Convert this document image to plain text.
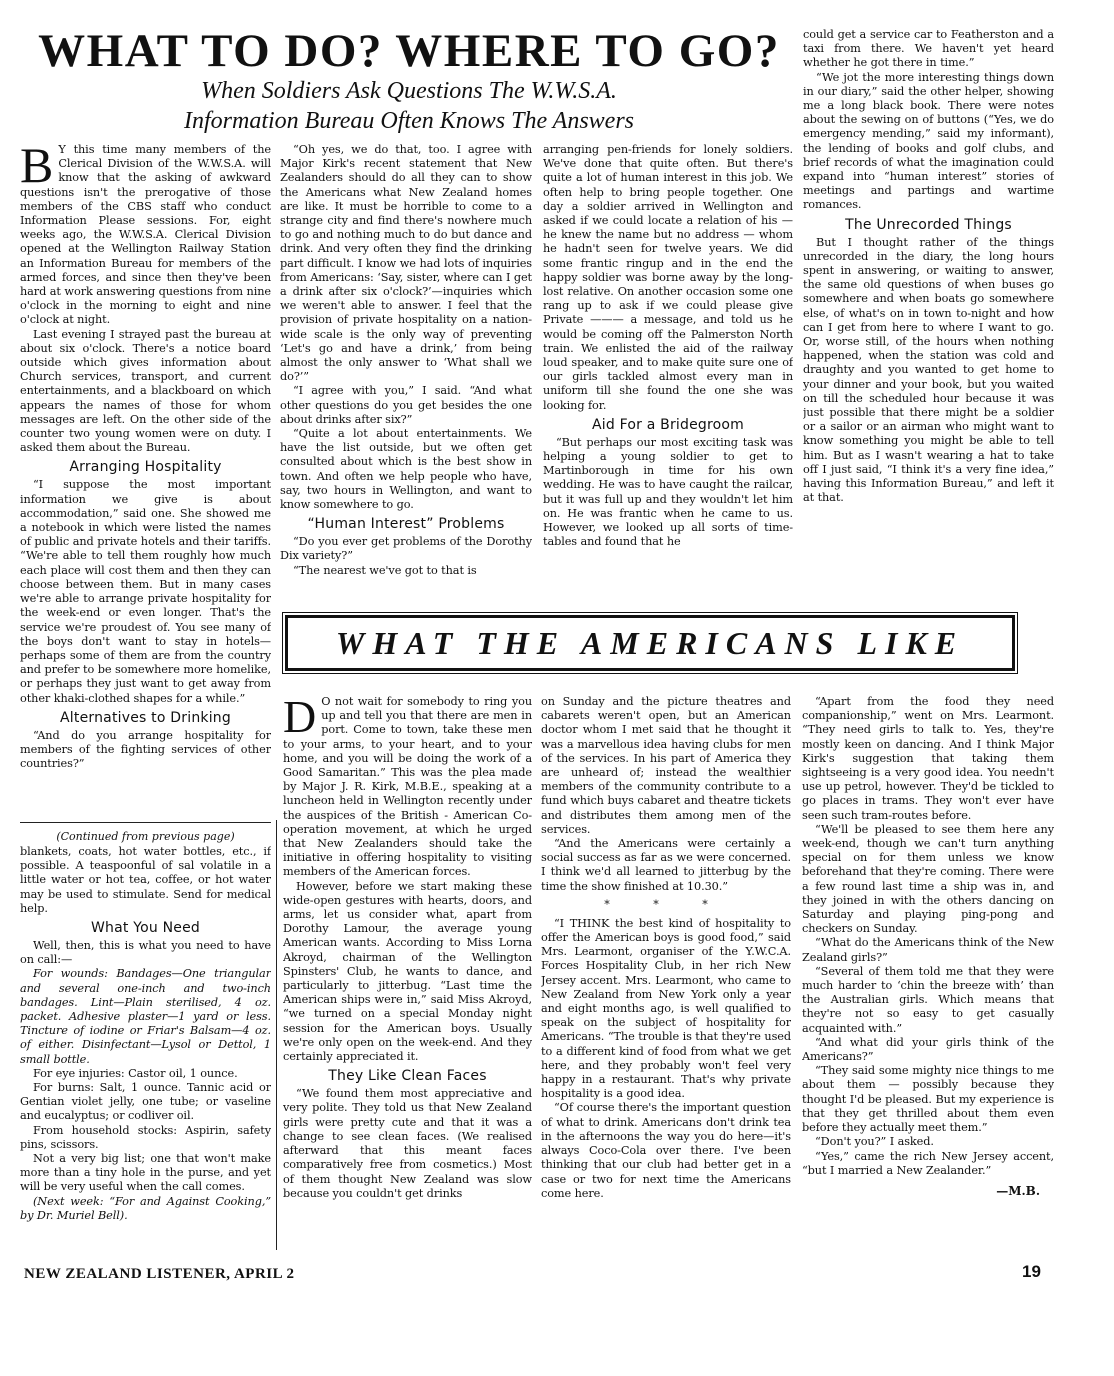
WHAT TO DO? WHERE TO GO?
When Soldiers Ask Questions The W.W.S.A.
Information Bureau Often Knows The Answers
B Y this time many members of the Clerical Division of the W.W.S.A. will know that the asking of awkward questions isn't the prerogative of those members of the CBS staff who conduct Information Please sessions. For, eight weeks ago, the W.W.S.A. Clerical Division opened at the Wellington Railway Station an Information Bureau for members of the armed forces, and since then they've been hard at work answering questions from nine o'clock in the morning to eight and nine o'clock at night.

Last evening I strayed past the bureau at about six o'clock. There's a notice board outside which gives information about Church services, transport, and current entertainments, and a blackboard on which appears the names of those for whom messages are left. On the other side of the counter two young women were on duty. I asked them about the Bureau.

Arranging Hospitality

“I suppose the most important information we give is about accommodation,” said one. She showed me a notebook in which were listed the names of public and private hotels and their tariffs. “We're able to tell them roughly how much each place will cost them and then they can choose between them. But in many cases we're able to arrange private hospitality for the week-end or even longer. That's the service we're proudest of. You see many of the boys don't want to stay in hotels—perhaps some of them are from the country and prefer to be somewhere more homelike, or perhaps they just want to get away from other khaki-clothed shapes for a while.”

Alternatives to Drinking

“And do you arrange hospitality for members of the fighting services of other countries?”

“Oh yes, we do that, too. I agree with Major Kirk's recent statement that New Zealanders should do all they can to show the Americans what New Zealand homes are like. It must be horrible to come to a strange city and find there's nowhere much to go and nothing much to do but dance and drink. And very often they find the drinking part difficult. I know we had lots of inquiries from Americans: ‘Say, sister, where can I get a drink after six o'clock?’—inquiries which we weren't able to answer. I feel that the provision of private hospitality on a nation-wide scale is the only way of preventing ‘Let's go and have a drink,’ from being almost the only answer to ‘What shall we do?’”

“I agree with you,” I said. “And what other questions do you get besides the one about drinks after six?”

“Quite a lot about entertainments. We have the list outside, but we often get consulted about which is the best show in town. And often we help people who have, say, two hours in Wellington, and want to know somewhere to go.

“Human Interest” Problems

“Do you ever get problems of the Dorothy Dix variety?”

“The nearest we've got to that is

arranging pen-friends for lonely soldiers. We've done that quite often. But there's quite a lot of human interest in this job. We often help to bring people together. One day a soldier arrived in Wellington and asked if we could locate a relation of his — he knew the name but no address — whom he hadn't seen for twelve years. We did some frantic ringup and in the end the happy soldier was borne away by the long-lost relative. On another occasion some one rang up to ask if we could please give Private ——— a message, and told us he would be coming off the Palmerston North train. We enlisted the aid of the railway loud speaker, and to make quite sure one of our girls tackled almost every man in uniform till she found the one she was looking for.

Aid For a Bridegroom

“But perhaps our most exciting task was helping a young soldier to get to Martinborough in time for his own wedding. He was to have caught the railcar, but it was full up and they wouldn't let him on. He was frantic when he came to us. However, we looked up all sorts of time-tables and found that he

could get a service car to Featherston and a taxi from there. We haven't yet heard whether he got there in time.”

“We jot the more interesting things down in our diary,” said the other helper, showing me a long black book. There were notes about the sewing on of buttons (“Yes, we do emergency mending,” said my informant), the lending of books and golf clubs, and brief records of what the imagination could expand into “human interest” stories of meetings and partings and wartime romances.

The Unrecorded Things

But I thought rather of the things unrecorded in the diary, the long hours spent in answering, or waiting to answer, the same old questions of when buses go somewhere and when boats go somewhere else, of what's on in town to-night and how can I get from here to where I want to go. Or, worse still, of the hours when nothing happened, when the station was cold and draughty and you wanted to get home to your dinner and your book, but you waited on till the scheduled hour because it was just possible that there might be a soldier or a sailor or an airman who might want to know something you might be able to tell him. But as I wasn't wearing a hat to take off I just said, “I think it's a very fine idea,” having this Information Bureau,” and left it at that.

(Continued from previous page)

blankets, coats, hot water bottles, etc., if possible. A teaspoonful of sal volatile in a little water or hot tea, coffee, or hot water may be used to stimulate. Send for medical help.

What You Need

Well, then, this is what you need to have on call:—

For wounds: Bandages—One triangular and several one-inch and two-inch bandages. Lint—Plain sterilised, 4 oz. packet. Adhesive plaster—1 yard or less. Tincture of iodine or Friar's Balsam—4 oz. of either. Disinfectant—Lysol or Dettol, 1 small bottle.

For eye injuries: Castor oil, 1 ounce.

For burns: Salt, 1 ounce. Tannic acid or Gentian violet jelly, one tube; or vaseline and eucalyptus; or codliver oil.

From household stocks: Aspirin, safety pins, scissors.

Not a very big list; one that won't make more than a tiny hole in the purse, and yet will be very useful when the call comes.

(Next week: “For and Against Cooking,” by Dr. Muriel Bell).

WHAT THE AMERICANS LIKE
D O not wait for somebody to ring you up and tell you that there are men in port. Come to town, take these men to your arms, to your heart, and to your home, and you will be doing the work of a Good Samaritan.” This was the plea made by Major J. R. Kirk, M.B.E., speaking at a luncheon held in Wellington recently under the auspices of the British - American Co-operation movement, at which he urged that New Zealanders should take the initiative in offering hospitality to visiting members of the American forces.

However, before we start making these wide-open gestures with hearts, doors, and arms, let us consider what, apart from Dorothy Lamour, the average young American wants. According to Miss Lorna Akroyd, chairman of the Wellington Spinsters' Club, he wants to dance, and particularly to jitterbug. “Last time the American ships were in,” said Miss Akroyd, “we turned on a special Monday night session for the American boys. Usually we're only open on the week-end. And they certainly appreciated it.

They Like Clean Faces

“We found them most appreciative and very polite. They told us that New Zealand girls were pretty cute and that it was a change to see clean faces. (We realised afterward that this meant faces comparatively free from cosmetics.) Most of them thought New Zealand was slow because you couldn't get drinks

on Sunday and the picture theatres and cabarets weren't open, but an American doctor whom I met said that he thought it was a marvellous idea having clubs for men of the services. In his part of America they are unheard of; instead the wealthier members of the community contribute to a fund which buys cabaret and theatre tickets and distributes them among men of the services.

“And the Americans were certainly a social success as far as we were concerned. I think we'd all learned to jitterbug by the time the show finished at 10.30.”

* * *

“I THINK the best kind of hospitality to offer the American boys is good food,” said Mrs. Learmont, organiser of the Y.W.C.A. Forces Hospitality Club, in her rich New Jersey accent. Mrs. Learmont, who came to New Zealand from New York only a year and eight months ago, is well qualified to speak on the subject of hospitality for Americans. “The trouble is that they're used to a different kind of food from what we get here, and they probably won't feel very happy in a restaurant. That's why private hospitality is a good idea.

“Of course there's the important question of what to drink. Americans don't drink tea in the afternoons the way you do here—it's always Coco-Cola over there. I've been thinking that our club had better get in a case or two for next time the Americans come here.

“Apart from the food they need companionship,” went on Mrs. Learmont. “They need girls to talk to. Yes, they're mostly keen on dancing. And I think Major Kirk's suggestion that taking them sightseeing is a very good idea. You needn't use up petrol, however. They'd be tickled to go places in trams. They won't ever have seen such tram-routes before.

“We'll be pleased to see them here any week-end, though we can't turn anything special on for them unless we know beforehand that they're coming. There were a few round last time a ship was in, and they joined in with the others dancing on Saturday and playing ping-pong and checkers on Sunday.

“What do the Americans think of the New Zealand girls?”

“Several of them told me that they were much harder to ‘chin the breeze with’ than the Australian girls. Which means that they're not so easy to get casually acquainted with.”

“And what did your girls think of the Americans?”

“They said some mighty nice things to me about them — possibly because they thought I'd be pleased. But my experience is that they get thrilled about them even before they actually meet them.”

“Don't you?” I asked.

“Yes,” came the rich New Jersey accent, “but I married a New Zealander.”

—M.B.
NEW ZEALAND LISTENER, APRIL 2	19
